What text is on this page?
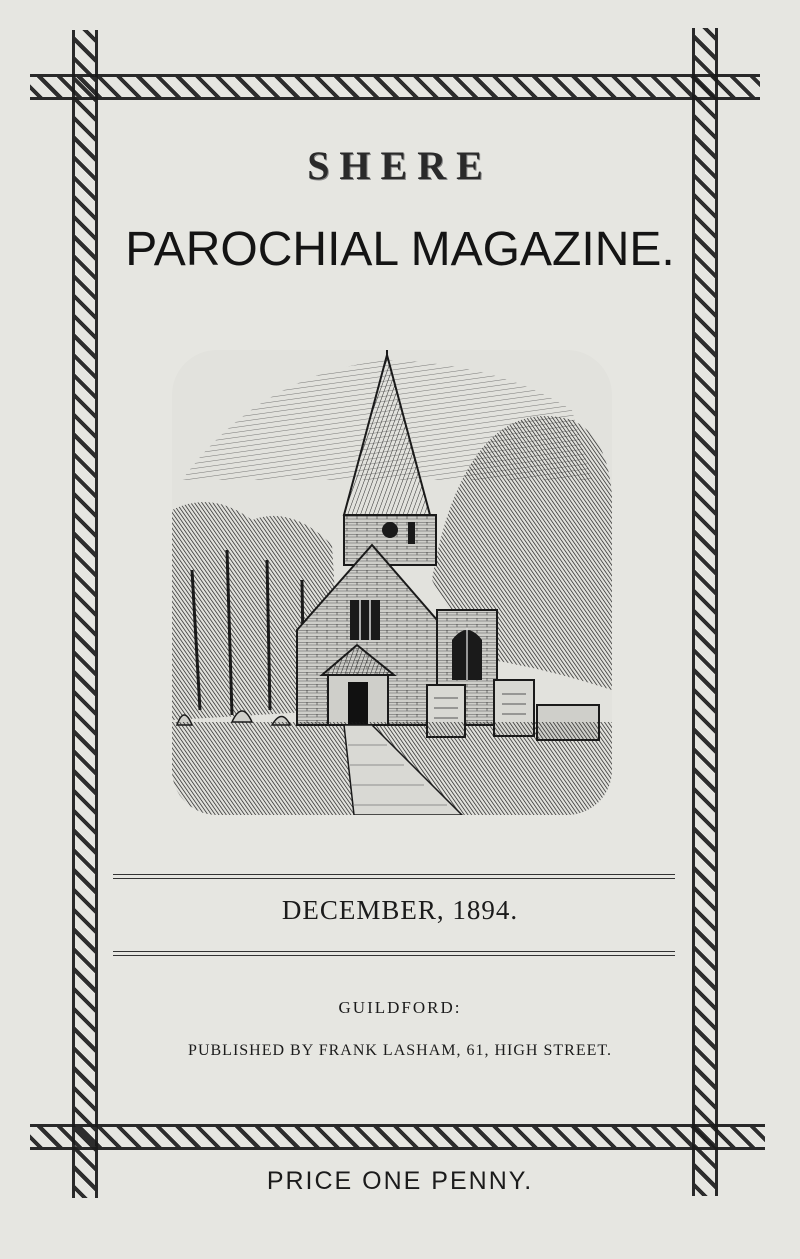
SHERE
PAROCHIAL MAGAZINE.
DECEMBER, 1894.
GUILDFORD:
PUBLISHED BY FRANK LASHAM, 61, HIGH STREET.
PRICE ONE PENNY.
